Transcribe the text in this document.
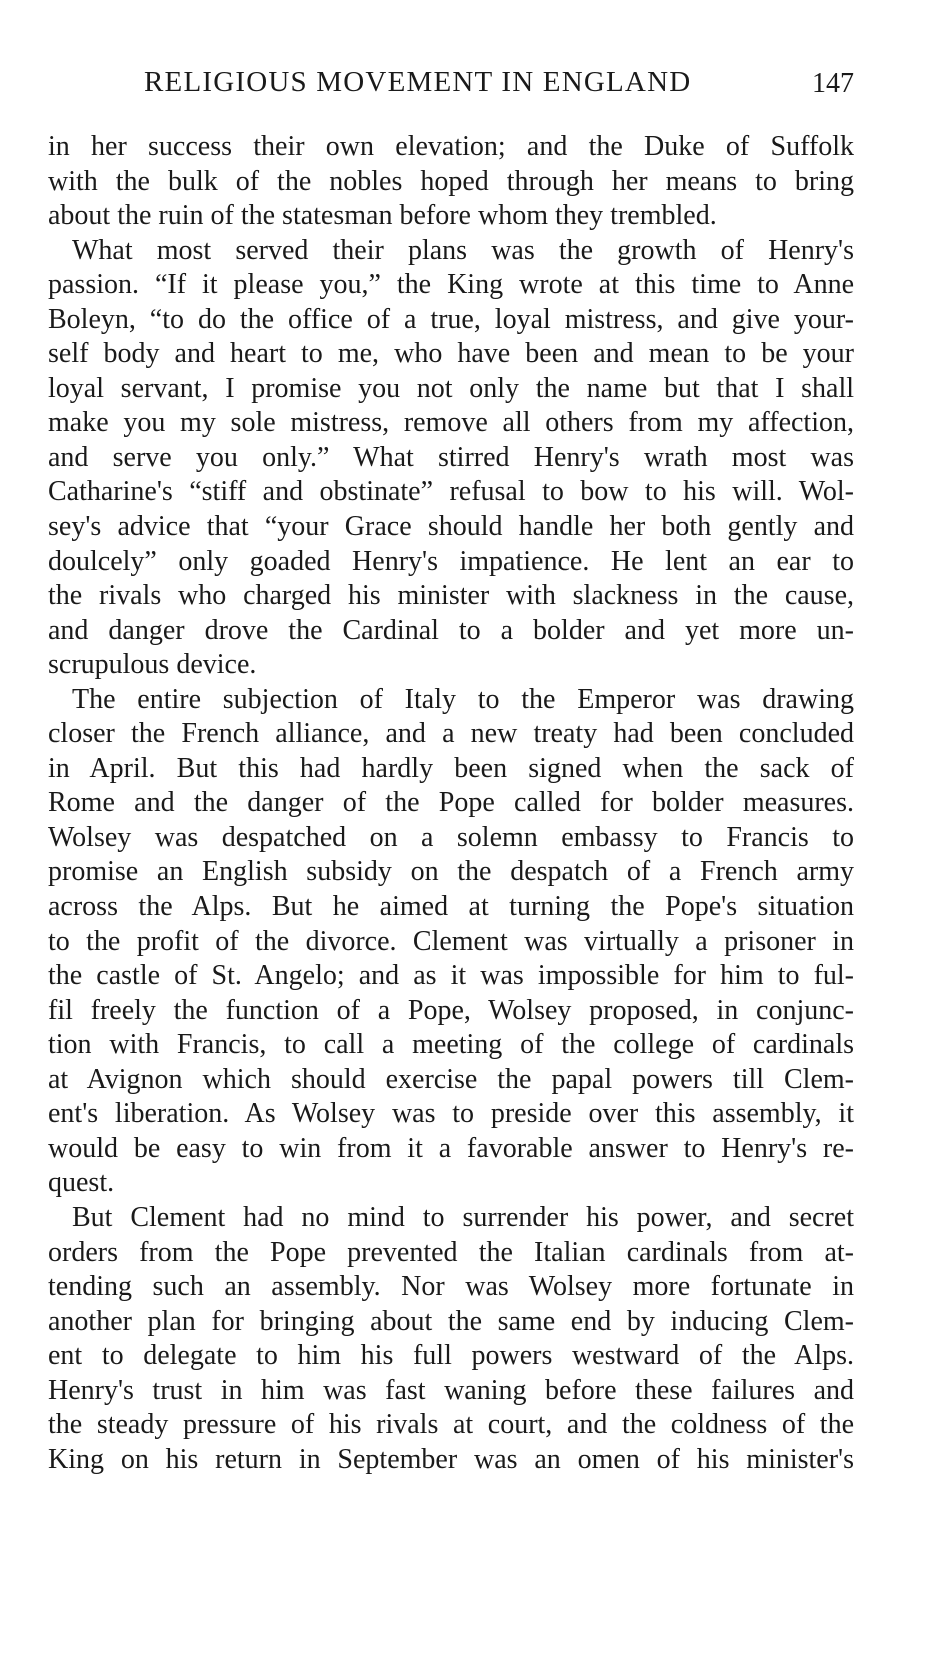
RELIGIOUS MOVEMENT IN ENGLAND	147
in her success their own elevation; and the Duke of Suffolk
with the bulk of the nobles hoped through her means to bring
about the ruin of the statesman before whom they trembled.
What most served their plans was the growth of Henry's
passion. “If it please you,” the King wrote at this time to Anne
Boleyn, “to do the office of a true, loyal mistress, and give your-
self body and heart to me, who have been and mean to be your
loyal servant, I promise you not only the name but that I shall
make you my sole mistress, remove all others from my affection,
and serve you only.” What stirred Henry's wrath most was
Catharine's “stiff and obstinate” refusal to bow to his will. Wol-
sey's advice that “your Grace should handle her both gently and
doulcely” only goaded Henry's impatience. He lent an ear to
the rivals who charged his minister with slackness in the cause,
and danger drove the Cardinal to a bolder and yet more un-
scrupulous device.
The entire subjection of Italy to the Emperor was drawing
closer the French alliance, and a new treaty had been concluded
in April. But this had hardly been signed when the sack of
Rome and the danger of the Pope called for bolder measures.
Wolsey was despatched on a solemn embassy to Francis to
promise an English subsidy on the despatch of a French army
across the Alps. But he aimed at turning the Pope's situation
to the profit of the divorce. Clement was virtually a prisoner in
the castle of St. Angelo; and as it was impossible for him to ful-
fil freely the function of a Pope, Wolsey proposed, in conjunc-
tion with Francis, to call a meeting of the college of cardinals
at Avignon which should exercise the papal powers till Clem-
ent's liberation. As Wolsey was to preside over this assembly, it
would be easy to win from it a favorable answer to Henry's re-
quest.
But Clement had no mind to surrender his power, and secret
orders from the Pope prevented the Italian cardinals from at-
tending such an assembly. Nor was Wolsey more fortunate in
another plan for bringing about the same end by inducing Clem-
ent to delegate to him his full powers westward of the Alps.
Henry's trust in him was fast waning before these failures and
the steady pressure of his rivals at court, and the coldness of the
King on his return in September was an omen of his minister's
